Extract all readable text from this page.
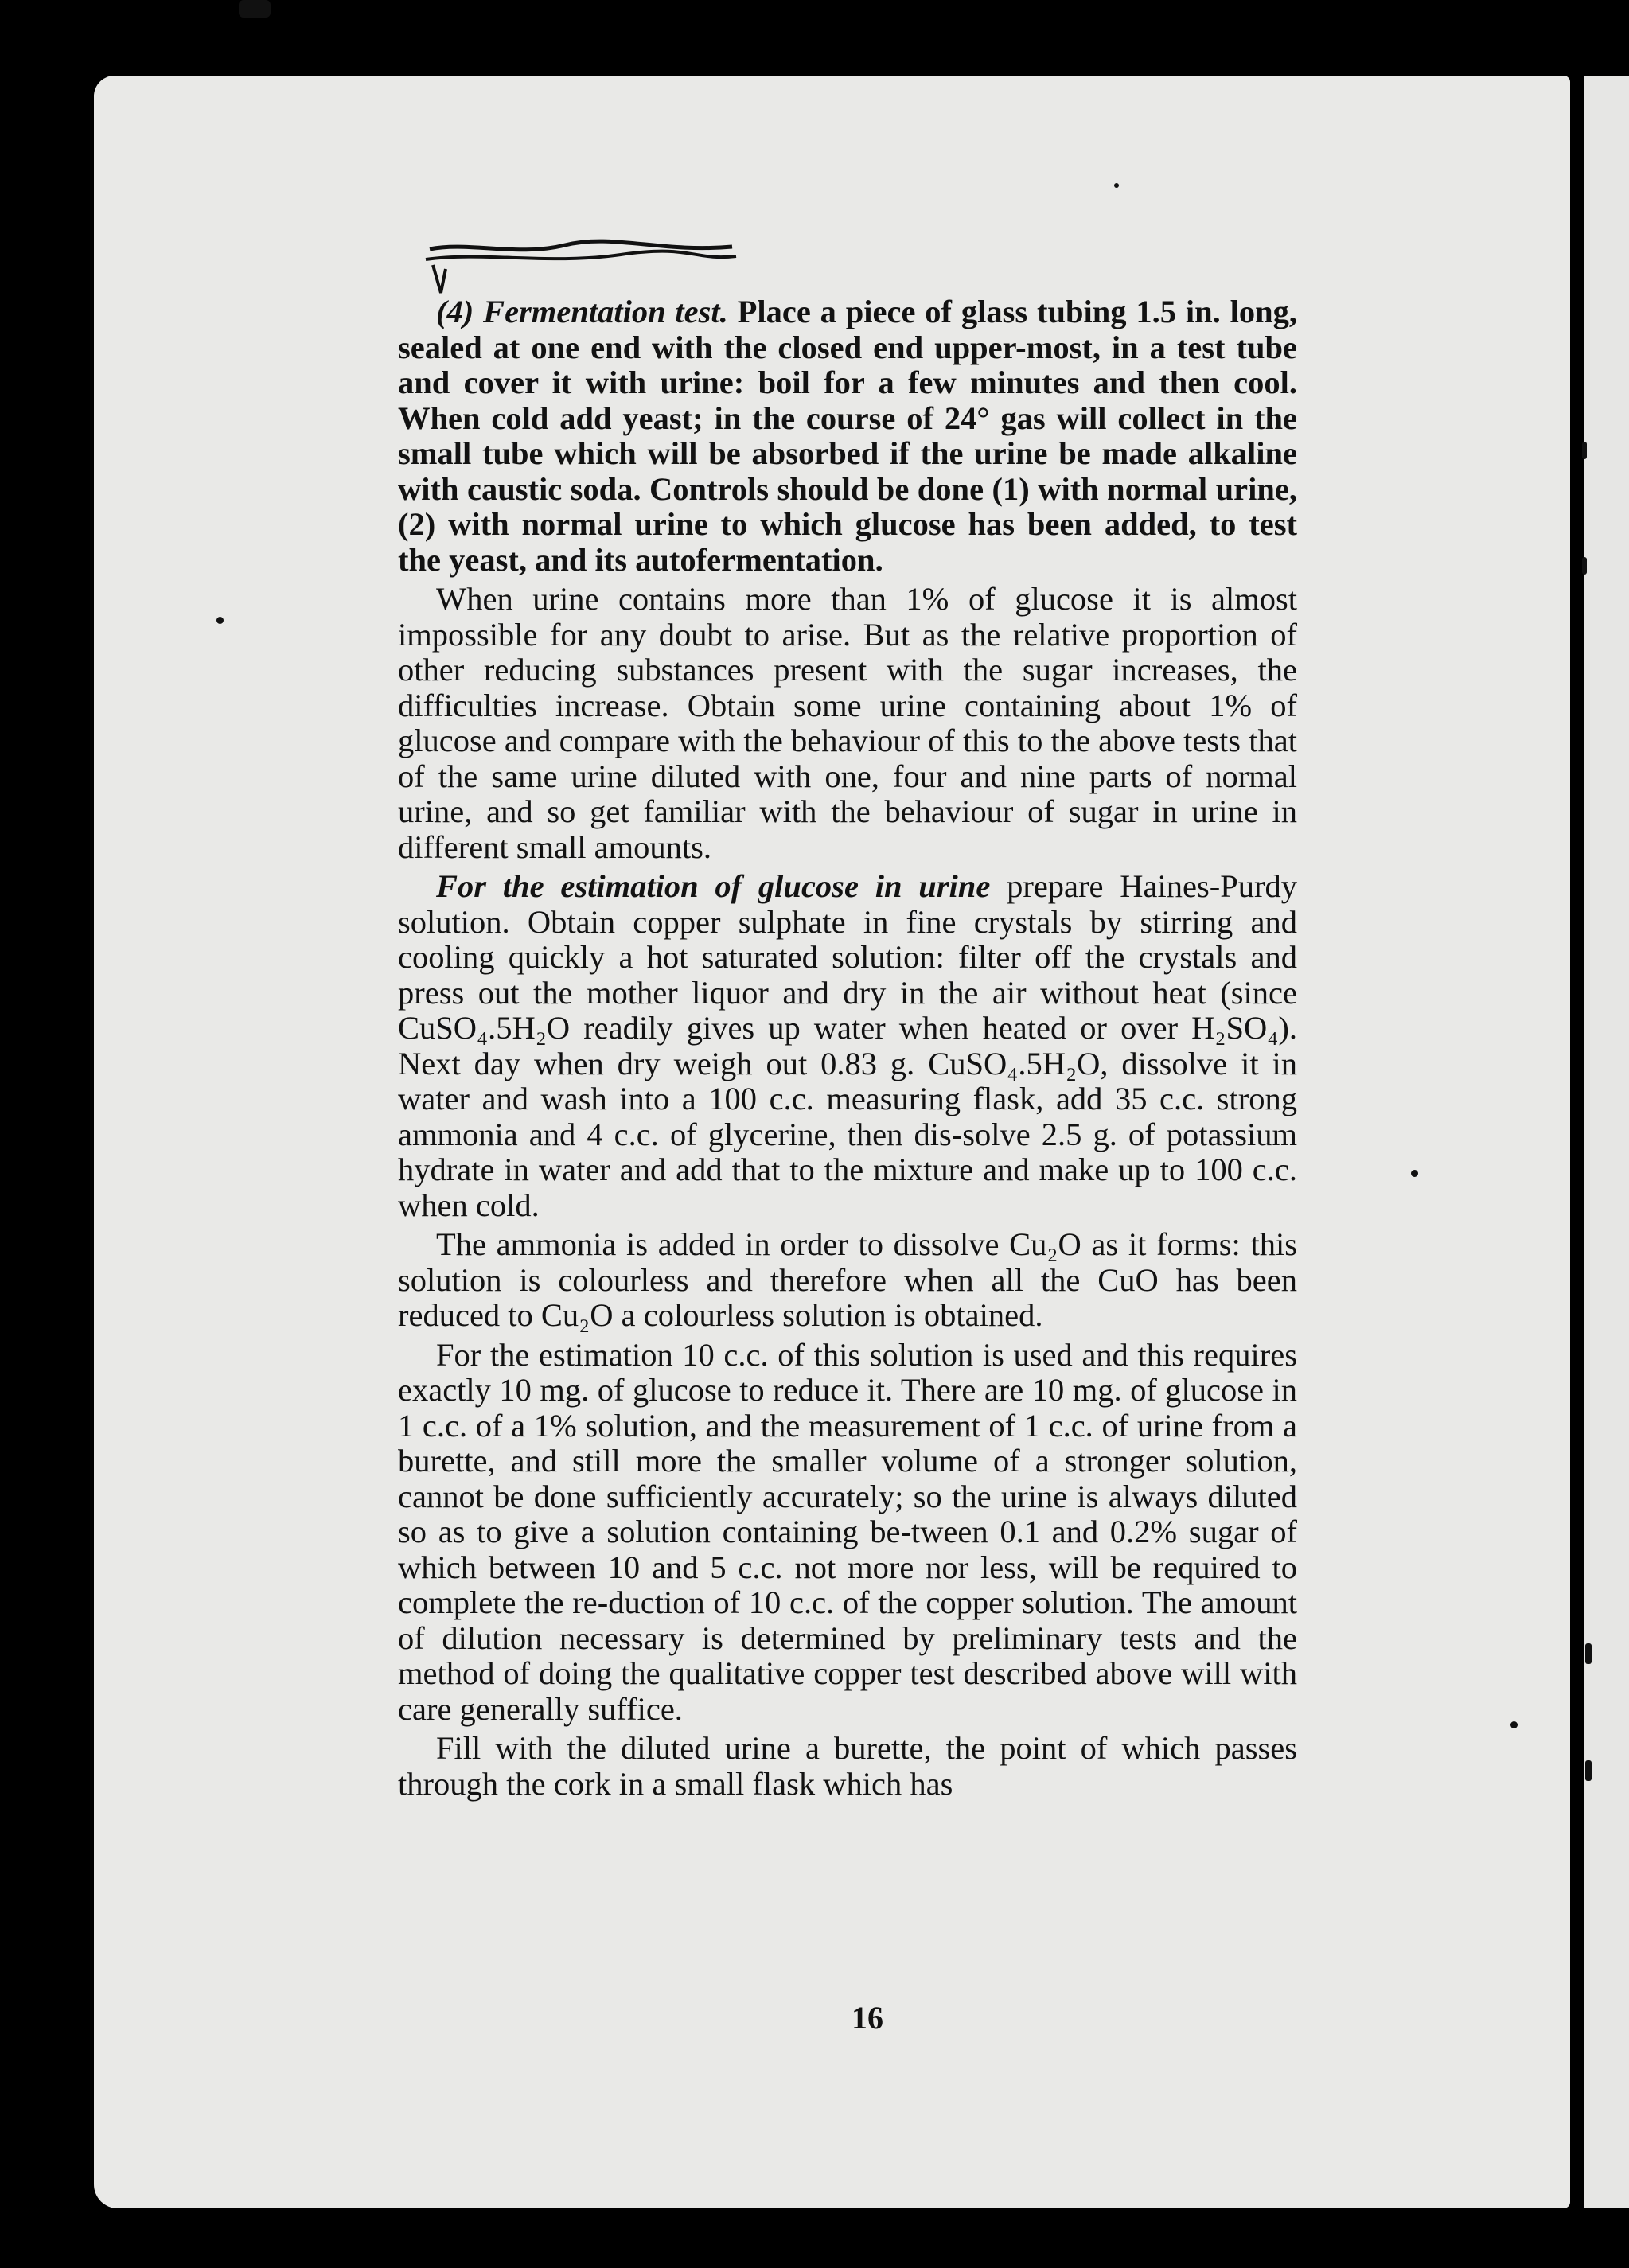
(4) Fermentation test. Place a piece of glass tubing 1.5 in. long, sealed at one end with the closed end upper-most, in a test tube and cover it with urine: boil for a few minutes and then cool. When cold add yeast; in the course of 24° gas will collect in the small tube which will be absorbed if the urine be made alkaline with caustic soda. Controls should be done (1) with normal urine, (2) with normal urine to which glucose has been added, to test the yeast, and its autofermentation.

When urine contains more than 1% of glucose it is almost impossible for any doubt to arise. But as the relative proportion of other reducing substances present with the sugar increases, the difficulties increase. Obtain some urine containing about 1% of glucose and compare with the behaviour of this to the above tests that of the same urine diluted with one, four and nine parts of normal urine, and so get familiar with the behaviour of sugar in urine in different small amounts.

For the estimation of glucose in urine prepare Haines-Purdy solution. Obtain copper sulphate in fine crystals by stirring and cooling quickly a hot saturated solution: filter off the crystals and press out the mother liquor and dry in the air without heat (since CuSO₄.5H₂O readily gives up water when heated or over H₂SO₄). Next day when dry weigh out 0.83 g. CuSO₄.5H₂O, dissolve it in water and wash into a 100 c.c. measuring flask, add 35 c.c. strong ammonia and 4 c.c. of glycerine, then dis-solve 2.5 g. of potassium hydrate in water and add that to the mixture and make up to 100 c.c. when cold.

The ammonia is added in order to dissolve Cu₂O as it forms: this solution is colourless and therefore when all the CuO has been reduced to Cu₂O a colourless solution is obtained.

For the estimation 10 c.c. of this solution is used and this requires exactly 10 mg. of glucose to reduce it. There are 10 mg. of glucose in 1 c.c. of a 1% solution, and the measurement of 1 c.c. of urine from a burette, and still more the smaller volume of a stronger solution, cannot be done sufficiently accurately; so the urine is always diluted so as to give a solution containing be-tween 0.1 and 0.2% sugar of which between 10 and 5 c.c. not more nor less, will be required to complete the re-duction of 10 c.c. of the copper solution. The amount of dilution necessary is determined by preliminary tests and the method of doing the qualitative copper test described above will with care generally suffice.

Fill with the diluted urine a burette, the point of which passes through the cork in a small flask which has

16
